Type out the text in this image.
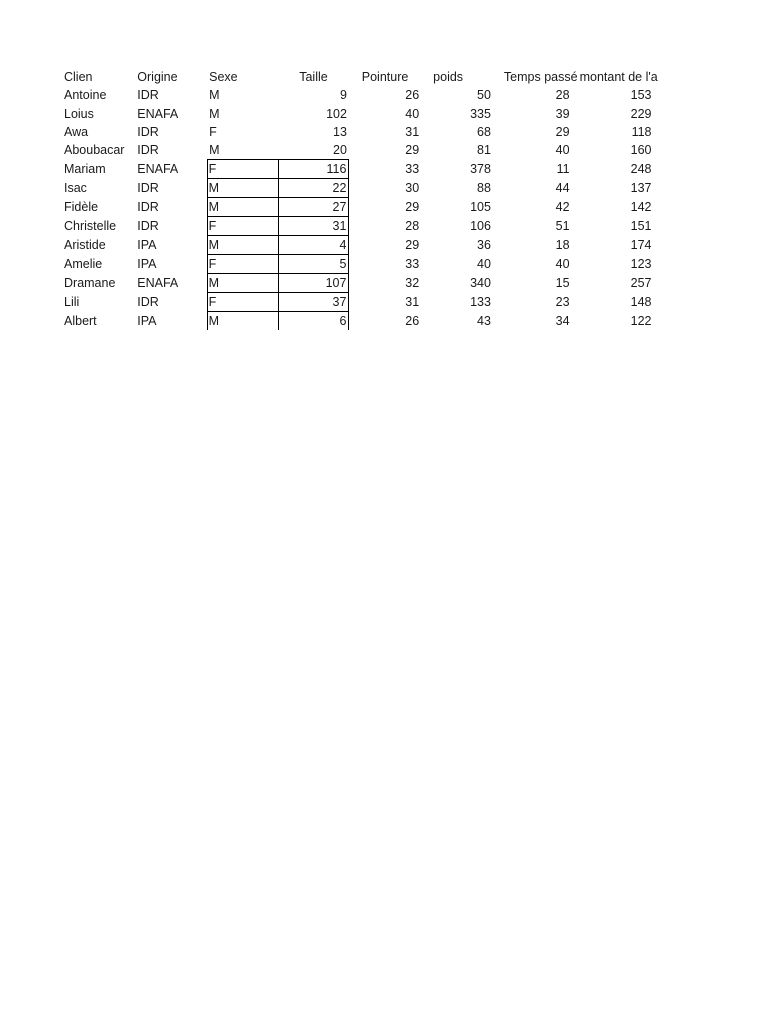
Clien	Origine	Sexe	Taille	Pointure	poids	Temps passé	montant de l'a
Antoine	IDR	M	9	26	50	28	153
Loius	ENAFA	M	102	40	335	39	229
Awa	IDR	F	13	31	68	29	118
Aboubacar	IDR	M	20	29	81	40	160
Mariam	ENAFA	F	116	33	378	11	248
Isac	IDR	M	22	30	88	44	137
Fidèle	IDR	M	27	29	105	42	142
Christelle	IDR	F	31	28	106	51	151
Aristide	IPA	M	4	29	36	18	174
Amelie	IPA	F	5	33	40	40	123
Dramane	ENAFA	M	107	32	340	15	257
Lili	IDR	F	37	31	133	23	148
Albert	IPA	M	6	26	43	34	122
